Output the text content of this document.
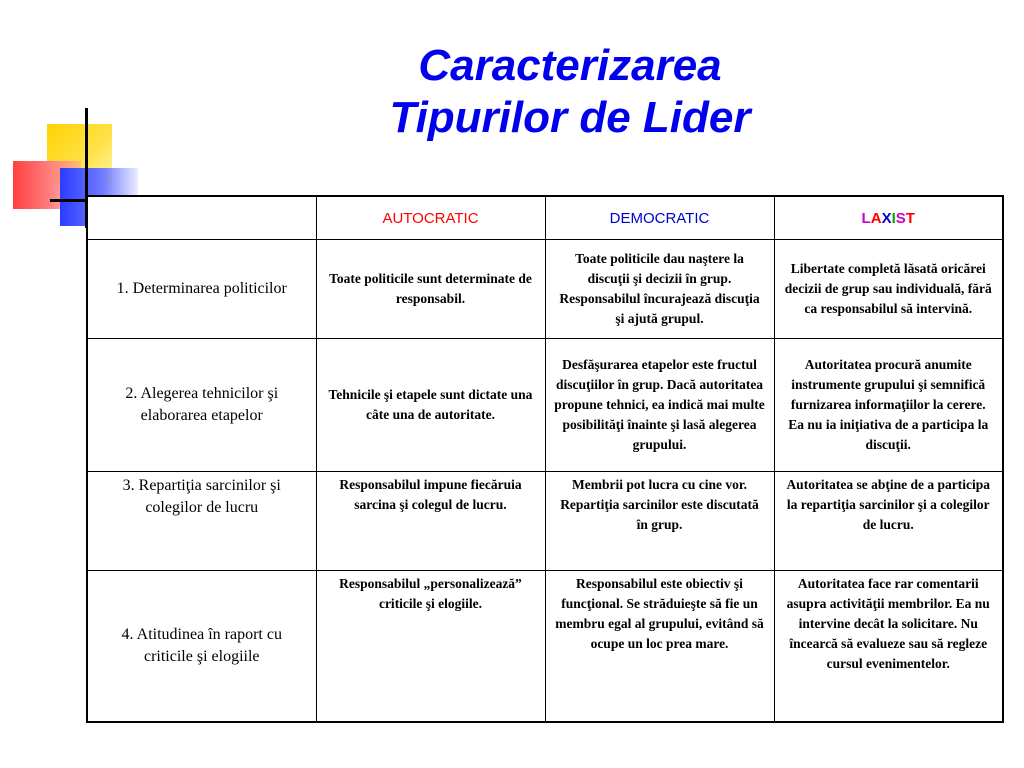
Caracterizarea
Tipurilor de Lider
	AUTOCRATIC	DEMOCRATIC	LAXIST
1. Determinarea politicilor	Toate politicile sunt determinate de responsabil.	Toate politicile dau naştere la discuţii şi decizii în grup. Responsabilul încurajează discuţia şi ajută grupul.	Libertate completă lăsată oricărei decizii de grup sau individuală, fără ca responsabilul să intervină.
2. Alegerea tehnicilor şi elaborarea etapelor	Tehnicile şi etapele sunt dictate una câte una de autoritate.	Desfăşurarea etapelor este fructul discuţiilor în grup. Dacă autoritatea propune tehnici, ea indică mai multe posibilităţi înainte şi lasă alegerea grupului.	Autoritatea procură anumite instrumente grupului şi semnifică furnizarea informaţiilor la cerere. Ea nu ia iniţiativa de a participa la discuţii.
3. Repartiţia sarcinilor şi colegilor de lucru	Responsabilul impune fiecăruia sarcina şi colegul de lucru.	Membrii pot lucra cu cine vor. Repartiţia sarcinilor este discutată în grup.	Autoritatea se abţine de a participa la repartiţia sarcinilor şi a colegilor de lucru.
4. Atitudinea în raport cu criticile şi elogiile	Responsabilul „personalizează” criticile şi elogiile.	Responsabilul este obiectiv şi funcţional. Se străduieşte să fie un membru egal al grupului, evitând să ocupe un loc prea mare.	Autoritatea face rar comentarii asupra activităţii membrilor. Ea nu intervine decât la solicitare. Nu încearcă să evalueze sau să regleze cursul evenimentelor.
